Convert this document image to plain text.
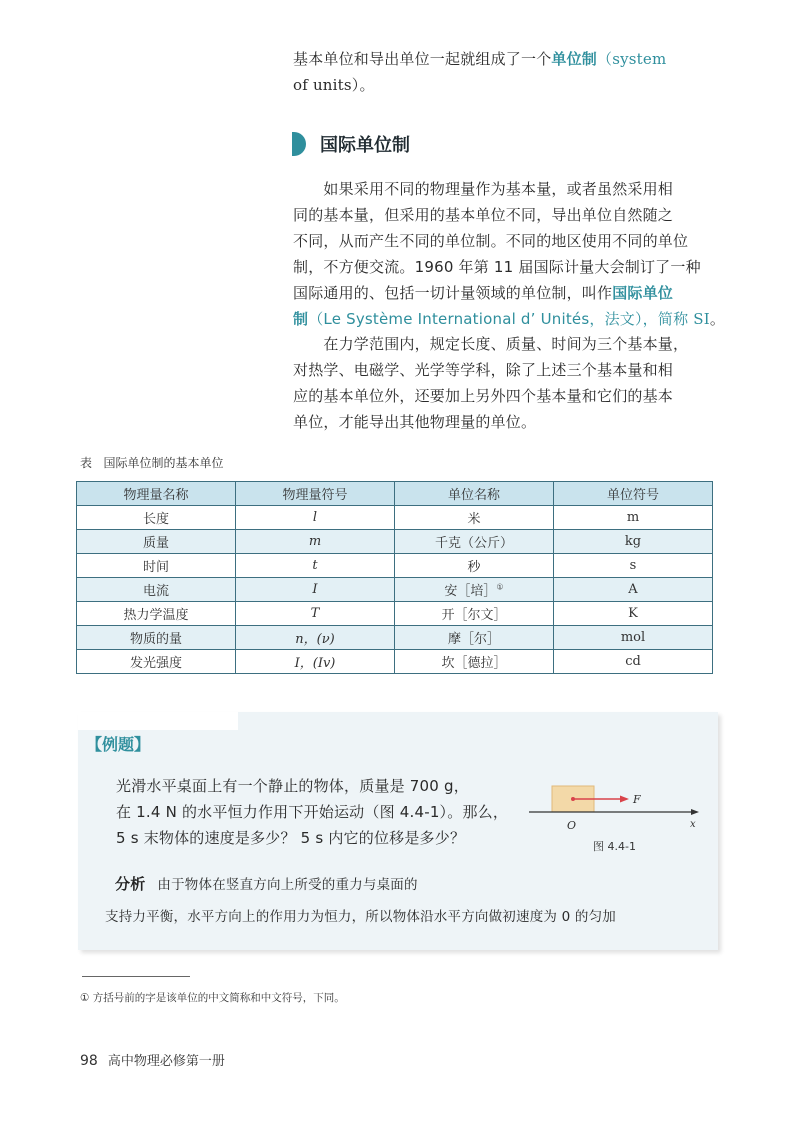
基本单位和导出单位一起就组成了一个单位制（system
of units）。
国际单位制
　　如果采用不同的物理量作为基本量，或者虽然采用相
同的基本量，但采用的基本单位不同，导出单位自然随之
不同，从而产生不同的单位制。不同的地区使用不同的单位
制，不方便交流。1960 年第 11 届国际计量大会制订了一种
国际通用的、包括一切计量领域的单位制，叫作国际单位
制（Le Système International d’ Unités，法文），简称 SI。
　　在力学范围内，规定长度、质量、时间为三个基本量，
对热学、电磁学、光学等学科，除了上述三个基本量和相
应的基本单位外，还要加上另外四个基本量和它们的基本
单位，才能导出其他物理量的单位。
表 国际单位制的基本单位
物理量名称	物理量符号	单位名称	单位符号
长度	l	米	m
质量	m	千克（公斤）	kg
时间	t	秒	s
电流	I	安［培］①	A
热力学温度	T	开［尔文］	K
物质的量	n，(ν)	摩［尔］	mol
发光强度	I，(Iv)	坎［德拉］	cd
【例题】
光滑水平桌面上有一个静止的物体，质量是 700 g，
在 1.4 N 的水平恒力作用下开始运动（图 4.4-1）。那么，
5 s 末物体的速度是多少？ 5 s 内它的位移是多少？
F
O	x
图 4.4-1
分析 由于物体在竖直方向上所受的重力与桌面的
支持力平衡，水平方向上的作用力为恒力，所以物体沿水平方向做初速度为 0 的匀加
① 方括号前的字是该单位的中文简称和中文符号，下同。
98 高中物理必修第一册
